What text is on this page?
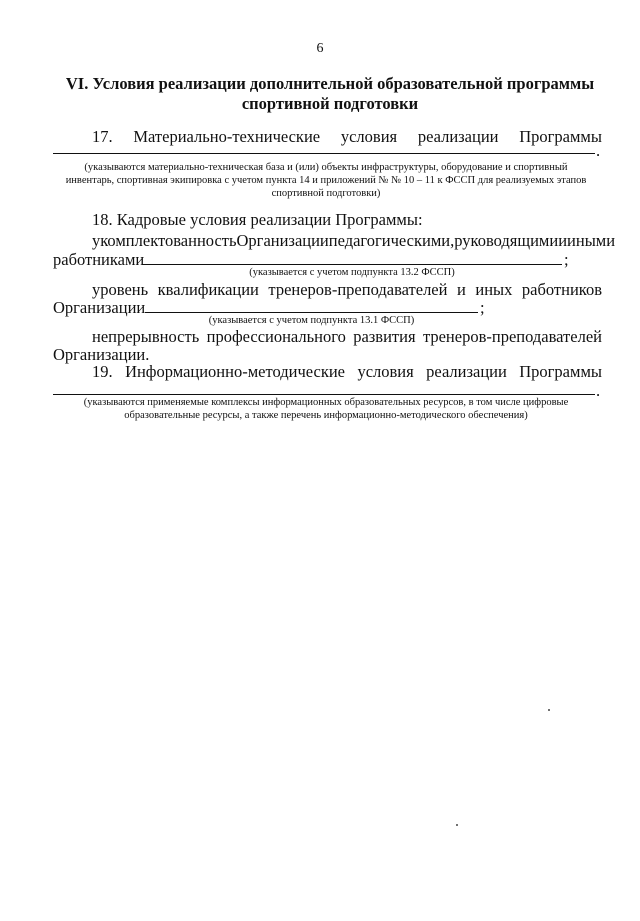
6
VI. Условия реализации дополнительной образовательной программы
спортивной подготовки
17. Материально-технические условия реализации Программы
.
(указываются материально-техническая база и (или) объекты инфраструктуры, оборудование и спортивный
инвентарь, спортивная экипировка с учетом пункта 14 и приложений № № 10 – 11 к ФССП для реализуемых этапов
спортивной подготовки)
18. Кадровые условия реализации Программы:
укомплектованность Организации педагогическими, руководящими и иными
работниками	;
(указывается с учетом подпункта 13.2 ФССП)
уровень квалификации тренеров-преподавателей и иных работников
Организации	;
(указывается с учетом подпункта 13.1 ФССП)
непрерывность профессионального развития тренеров-преподавателей
Организации.
19. Информационно-методические условия реализации Программы
.
(указываются применяемые комплексы информационных образовательных ресурсов, в том числе цифровые
образовательные ресурсы, а также перечень информационно-методического обеспечения)
